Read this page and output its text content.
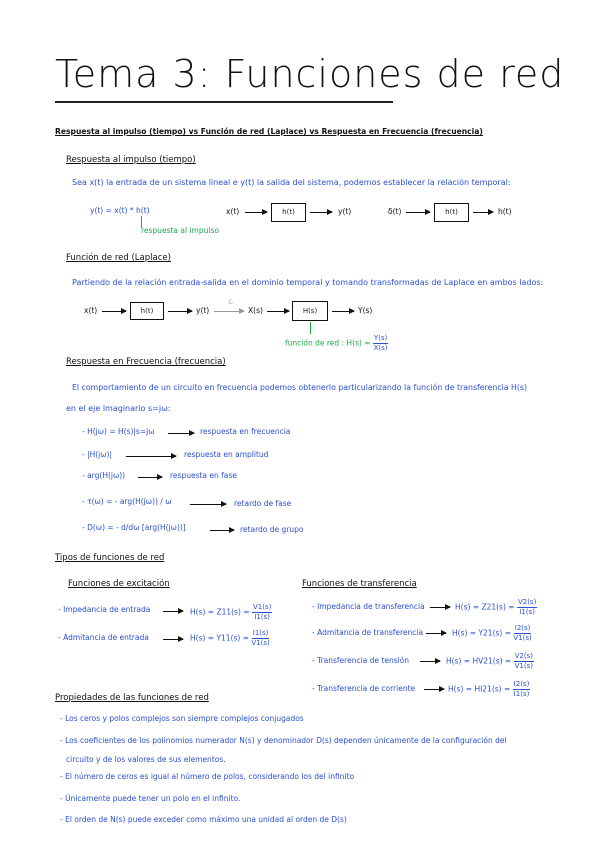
Tema 3: Funciones de red
Respuesta al impulso (tiempo) vs Función de red (Laplace) vs Respuesta en Frecuencia (frecuencia)
Respuesta al impulso (tiempo)
Sea x(t) la entrada de un sistema lineal e y(t) la salida del sistema, podemos establecer la relación temporal:
y(t) = x(t) * h(t)
respuesta al impulso
x(t)	h(t)	y(t)	δ(t)	h(t)	h(t)
Función de red (Laplace)
Partiendo de la relación entrada-salida en el dominio temporal y tomando transformadas de Laplace en ambos lados:
x(t)	h(t)	y(t)
ℒ
X(s)	H(s)	Y(s)
función de red : $H(s) = \frac{Y(s)}{X(s)}$
Respuesta en Frecuencia (frecuencia)
El comportamiento de un circuito en frecuencia podemos obtenerlo particularizando la función de transferencia H(s)
en el eje imaginario s=jω:
- H(jω) = H(s)|s=jω	respuesta en frecuencia
- |H(jω)|	respuesta en amplitud
- arg(H(jω))	respuesta en fase
- τ(ω) = - arg(H(jω)) / ω	retardo de fase
- D(ω) = - d/dω [arg(H(jω))]	retardo de grupo
Tipos de funciones de red
Funciones de excitación	Funciones de transferencia
- Impedancia de entrada	$H(s) = Z11(s) = \frac{V1(s)}{I1(s)}$
- Admitancia de entrada	$H(s) = Y11(s) = \frac{I1(s)}{V1(s)}$
- Impedancia de transferencia	$H(s) = Z21(s) = \frac{V2(s)}{I1(s)}$
- Admitancia de transferencia	$H(s) = Y21(s) = \frac{I2(s)}{V1(s)}$
- Transferencia de tensión	$H(s) = HV21(s) = \frac{V2(s)}{V1(s)}$
- Transferencia de corriente	$H(s) = HI21(s) = \frac{I2(s)}{I1(s)}$
Propiedades de las funciones de red
- Los ceros y polos complejos son siempre complejos conjugados
- Los coeficientes de los polinomios numerador N(s) y denominador D(s) dependen únicamente de la configuración del
circuito y de los valores de sus elementos.
- El número de ceros es igual al número de polos, considerando los del infinito
- Únicamente puede tener un polo en el infinito.
- El orden de N(s) puede exceder como máximo una unidad al orden de D(s)
